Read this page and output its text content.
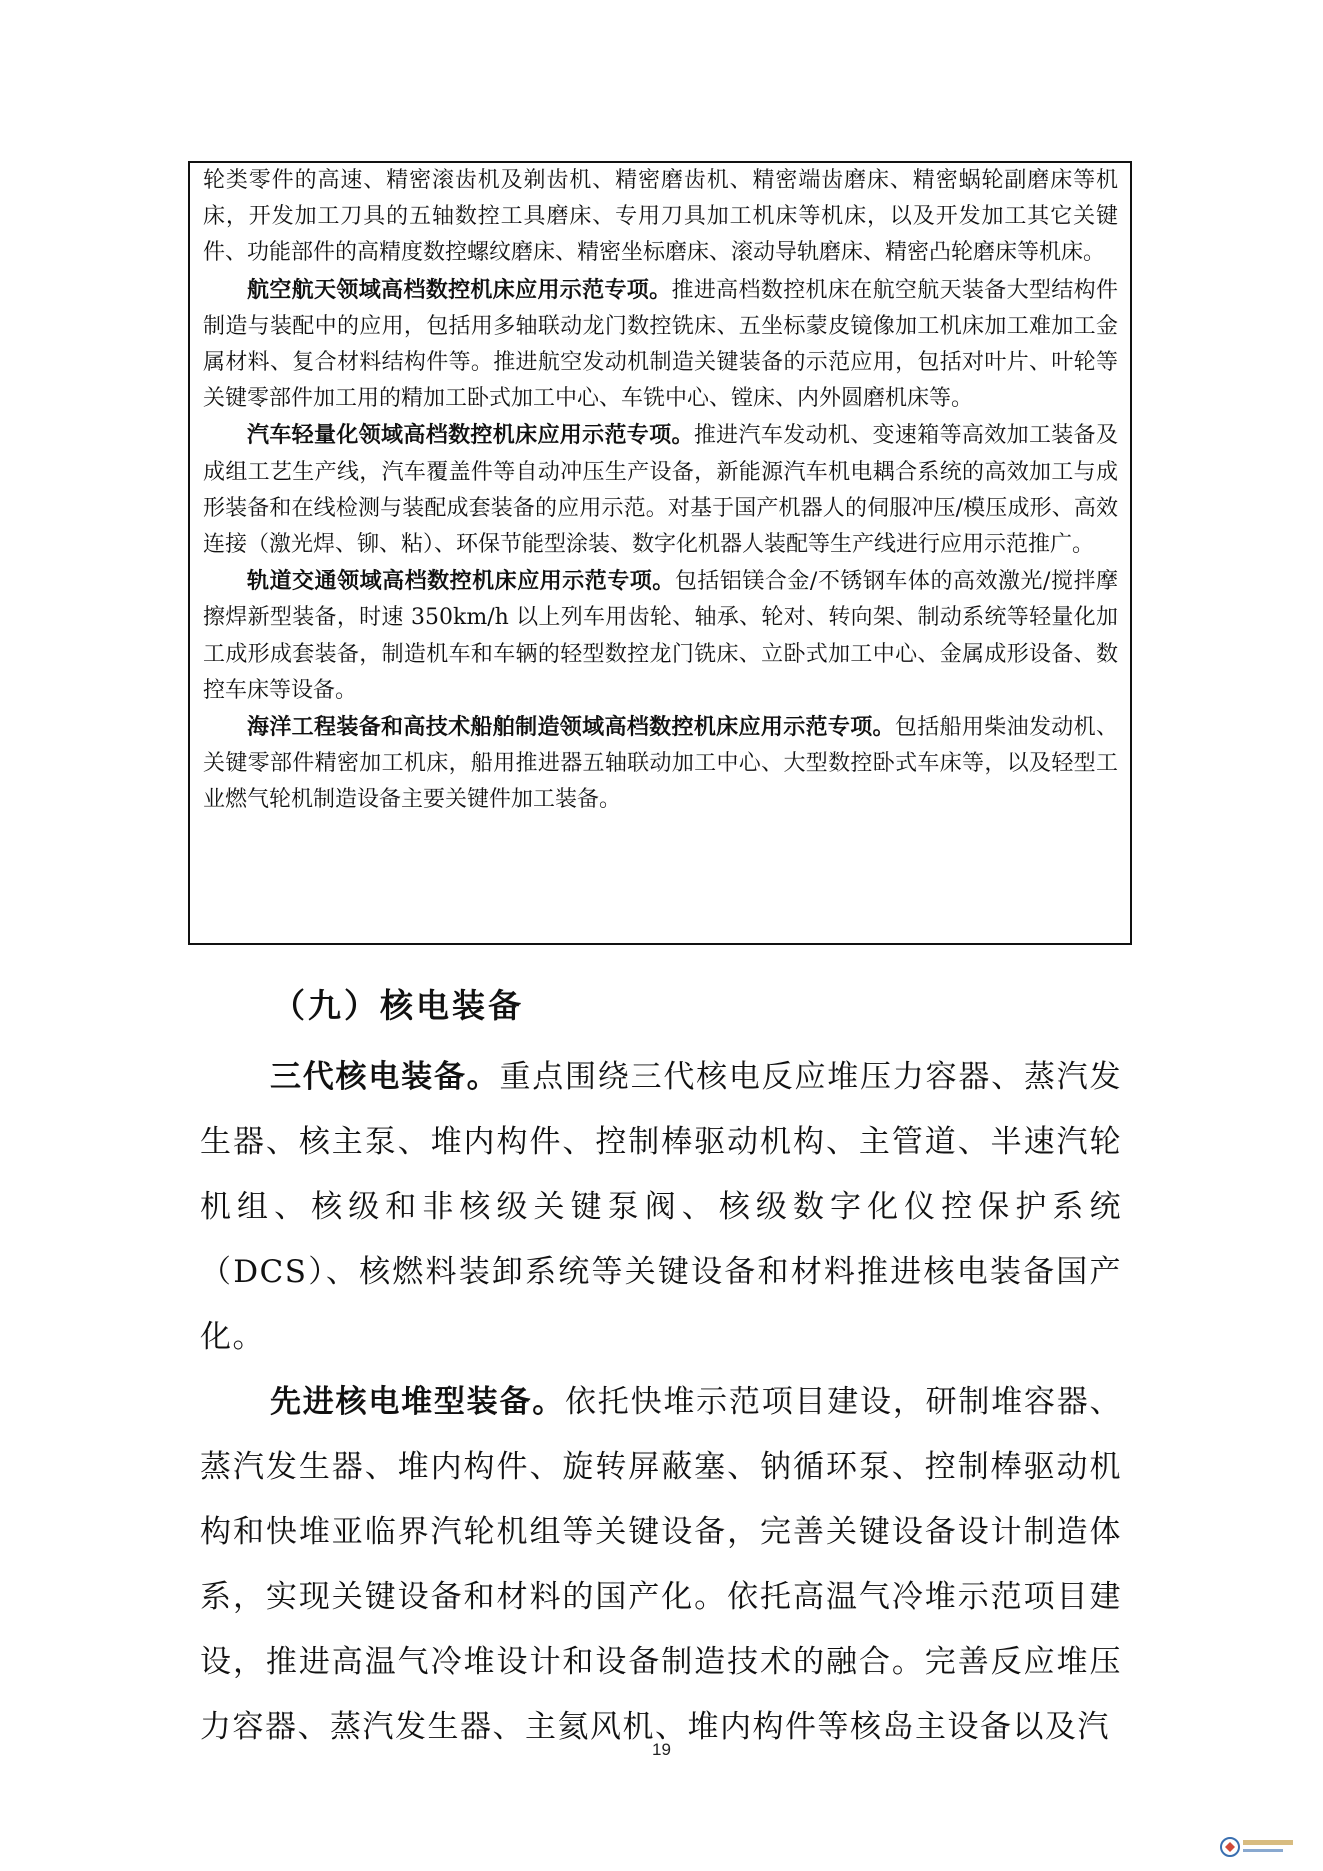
轮类零件的高速、精密滚齿机及剃齿机、精密磨齿机、精密端齿磨床、精密蜗轮副磨床等机床，开发加工刀具的五轴数控工具磨床、专用刀具加工机床等机床，以及开发加工其它关键件、功能部件的高精度数控螺纹磨床、精密坐标磨床、滚动导轨磨床、精密凸轮磨床等机床。

航空航天领域高档数控机床应用示范专项。推进高档数控机床在航空航天装备大型结构件制造与装配中的应用，包括用多轴联动龙门数控铣床、五坐标蒙皮镜像加工机床加工难加工金属材料、复合材料结构件等。推进航空发动机制造关键装备的示范应用，包括对叶片、叶轮等关键零部件加工用的精加工卧式加工中心、车铣中心、镗床、内外圆磨机床等。

汽车轻量化领域高档数控机床应用示范专项。推进汽车发动机、变速箱等高效加工装备及成组工艺生产线，汽车覆盖件等自动冲压生产设备，新能源汽车机电耦合系统的高效加工与成形装备和在线检测与装配成套装备的应用示范。对基于国产机器人的伺服冲压/模压成形、高效连接（激光焊、铆、粘）、环保节能型涂装、数字化机器人装配等生产线进行应用示范推广。

轨道交通领域高档数控机床应用示范专项。包括铝镁合金/不锈钢车体的高效激光/搅拌摩擦焊新型装备，时速 350km/h 以上列车用齿轮、轴承、轮对、转向架、制动系统等轻量化加工成形成套装备，制造机车和车辆的轻型数控龙门铣床、立卧式加工中心、金属成形设备、数控车床等设备。

海洋工程装备和高技术船舶制造领域高档数控机床应用示范专项。包括船用柴油发动机、关键零部件精密加工机床，船用推进器五轴联动加工中心、大型数控卧式车床等，以及轻型工业燃气轮机制造设备主要关键件加工装备。

（九）核电装备

三代核电装备。重点围绕三代核电反应堆压力容器、蒸汽发生器、核主泵、堆内构件、控制棒驱动机构、主管道、半速汽轮机组、核级和非核级关键泵阀、核级数字化仪控保护系统（DCS）、核燃料装卸系统等关键设备和材料推进核电装备国产化。

先进核电堆型装备。依托快堆示范项目建设，研制堆容器、蒸汽发生器、堆内构件、旋转屏蔽塞、钠循环泵、控制棒驱动机构和快堆亚临界汽轮机组等关键设备，完善关键设备设计制造体系，实现关键设备和材料的国产化。依托高温气冷堆示范项目建设，推进高温气冷堆设计和设备制造技术的融合。完善反应堆压力容器、蒸汽发生器、主氦风机、堆内构件等核岛主设备以及汽

19
